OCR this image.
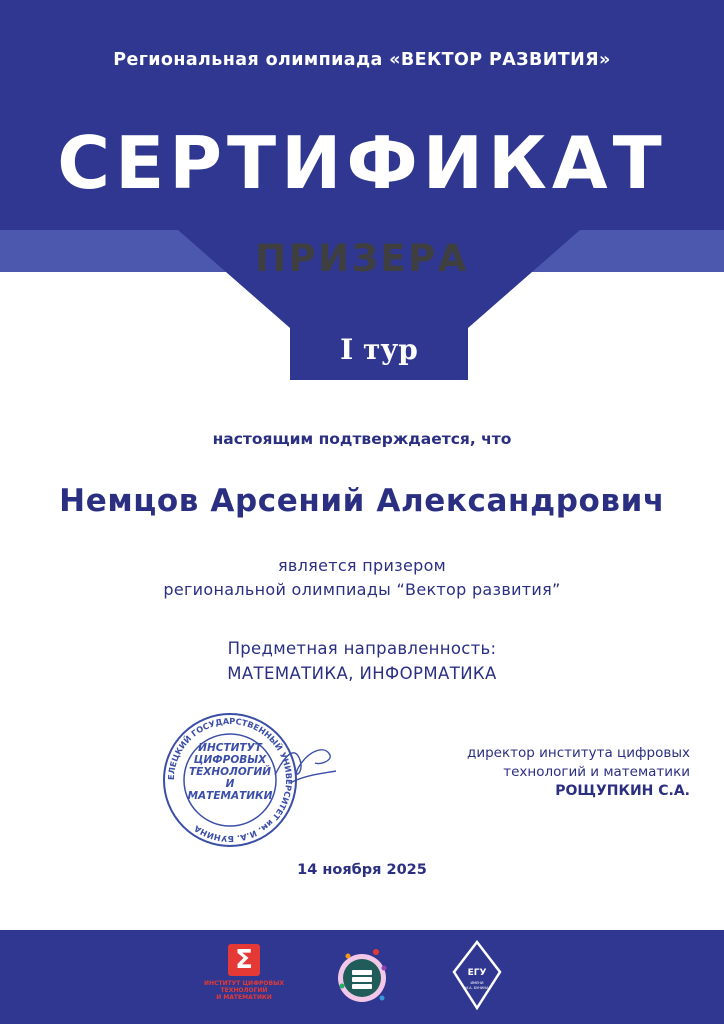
Региональная олимпиада «ВЕКТОР РАЗВИТИЯ»
СЕРТИФИКАТ
ПРИЗЕРА
I тур
настоящим подтверждается, что
Немцов Арсений Александрович
является призером
региональной олимпиады “Вектор развития”
Предметная направленность:
МАТЕМАТИКА, ИНФОРМАТИКА
ЕЛЕЦКИЙ ГОСУДАРСТВЕННЫЙ УНИВЕРСИТЕТ им. И.А. БУНИНА
ИНСТИТУТ
ЦИФРОВЫХ
ТЕХНОЛОГИЙ
И
МАТЕМАТИКИ
директор института цифровых
технологий и математики
РОЩУПКИН С.А.
14 ноября 2025
Σ
ИНСТИТУТ ЦИФРОВЫХ
ТЕХНОЛОГИЙ
И МАТЕМАТИКИ
ЕГУ
ИМЕНИ
И.А. БУНИНА
